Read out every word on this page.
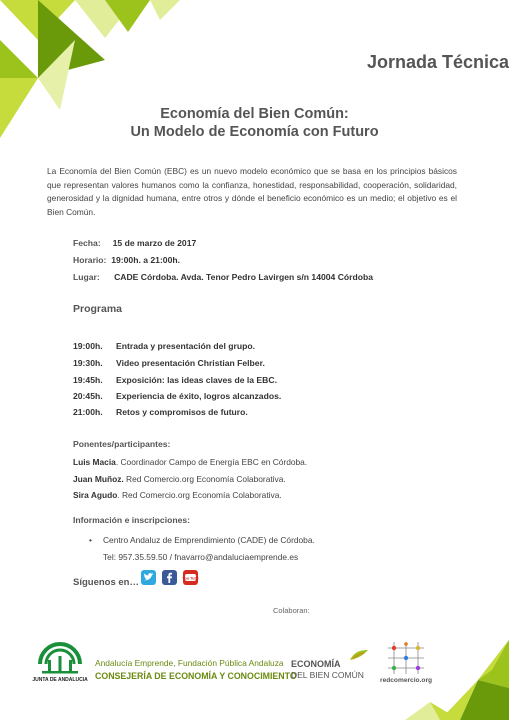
Jornada Técnica
Economía del Bien Común:
Un Modelo de Economía con Futuro
La Economía del Bien Común (EBC) es un nuevo modelo económico que se basa en los principios básicos que representan valores humanos como la confianza, honestidad, responsabilidad, cooperación, solidaridad, generosidad y la dignidad humana, entre otros y dónde el beneficio económico es un medio; el objetivo es el Bien Común.
Fecha: 15 de marzo de 2017
Horario: 19:00h. a 21:00h.
Lugar: CADE Córdoba. Avda. Tenor Pedro Lavirgen s/n 14004 Córdoba
Programa
19:00h. Entrada y presentación del grupo.
19:30h. Video presentación Christian Felber.
19:45h. Exposición: las ideas claves de la EBC.
20:45h. Experiencia de éxito, logros alcanzados.
21:00h. Retos y compromisos de futuro.
Ponentes/participantes:
Luis Macia. Coordinador Campo de Energía EBC en Córdoba.
Juan Muñoz. Red Comercio.org Economía Colaborativa.
Sira Agudo. Red Comercio.org Economía Colaborativa.
Información e inscripciones:
• Centro Andaluz de Emprendimiento (CADE) de Córdoba.
Tel: 957.35.59.50 / fnavarro@andaluciaemprende.es
Síguenos en…	You Tube
Colaboran:
JUNTA DE ANDALUCIA
Andalucía Emprende, Fundación Pública Andaluza
CONSEJERÍA DE ECONOMÍA Y CONOCIMIENTO
ECONOMÍA
DEL BIEN COMÚN
redcomercio.org
